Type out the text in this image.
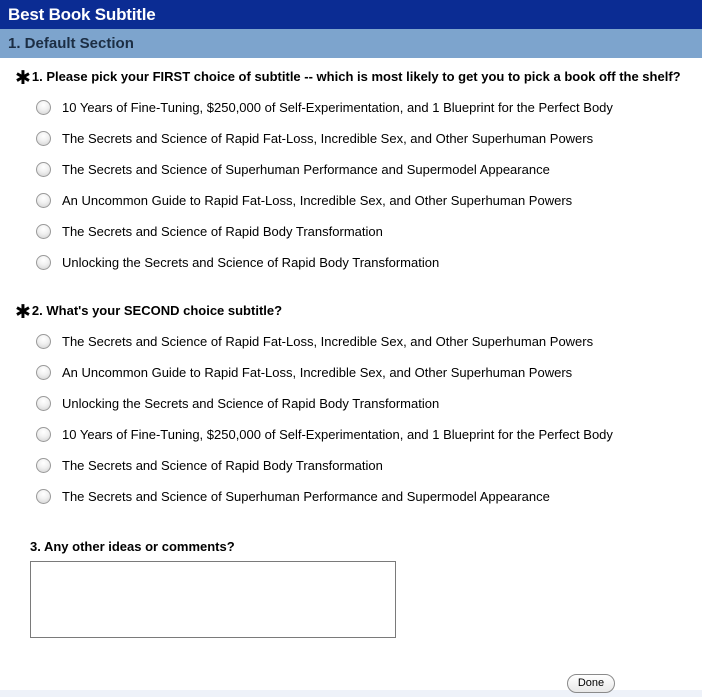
Best Book Subtitle
1. Default Section
✱1. Please pick your FIRST choice of subtitle -- which is most likely to get you to pick a book off the shelf?
10 Years of Fine-Tuning, $250,000 of Self-Experimentation, and 1 Blueprint for the Perfect Body
The Secrets and Science of Rapid Fat-Loss, Incredible Sex, and Other Superhuman Powers
The Secrets and Science of Superhuman Performance and Supermodel Appearance
An Uncommon Guide to Rapid Fat-Loss, Incredible Sex, and Other Superhuman Powers
The Secrets and Science of Rapid Body Transformation
Unlocking the Secrets and Science of Rapid Body Transformation
✱2. What's your SECOND choice subtitle?
The Secrets and Science of Rapid Fat-Loss, Incredible Sex, and Other Superhuman Powers
An Uncommon Guide to Rapid Fat-Loss, Incredible Sex, and Other Superhuman Powers
Unlocking the Secrets and Science of Rapid Body Transformation
10 Years of Fine-Tuning, $250,000 of Self-Experimentation, and 1 Blueprint for the Perfect Body
The Secrets and Science of Rapid Body Transformation
The Secrets and Science of Superhuman Performance and Supermodel Appearance
3. Any other ideas or comments?
Done
